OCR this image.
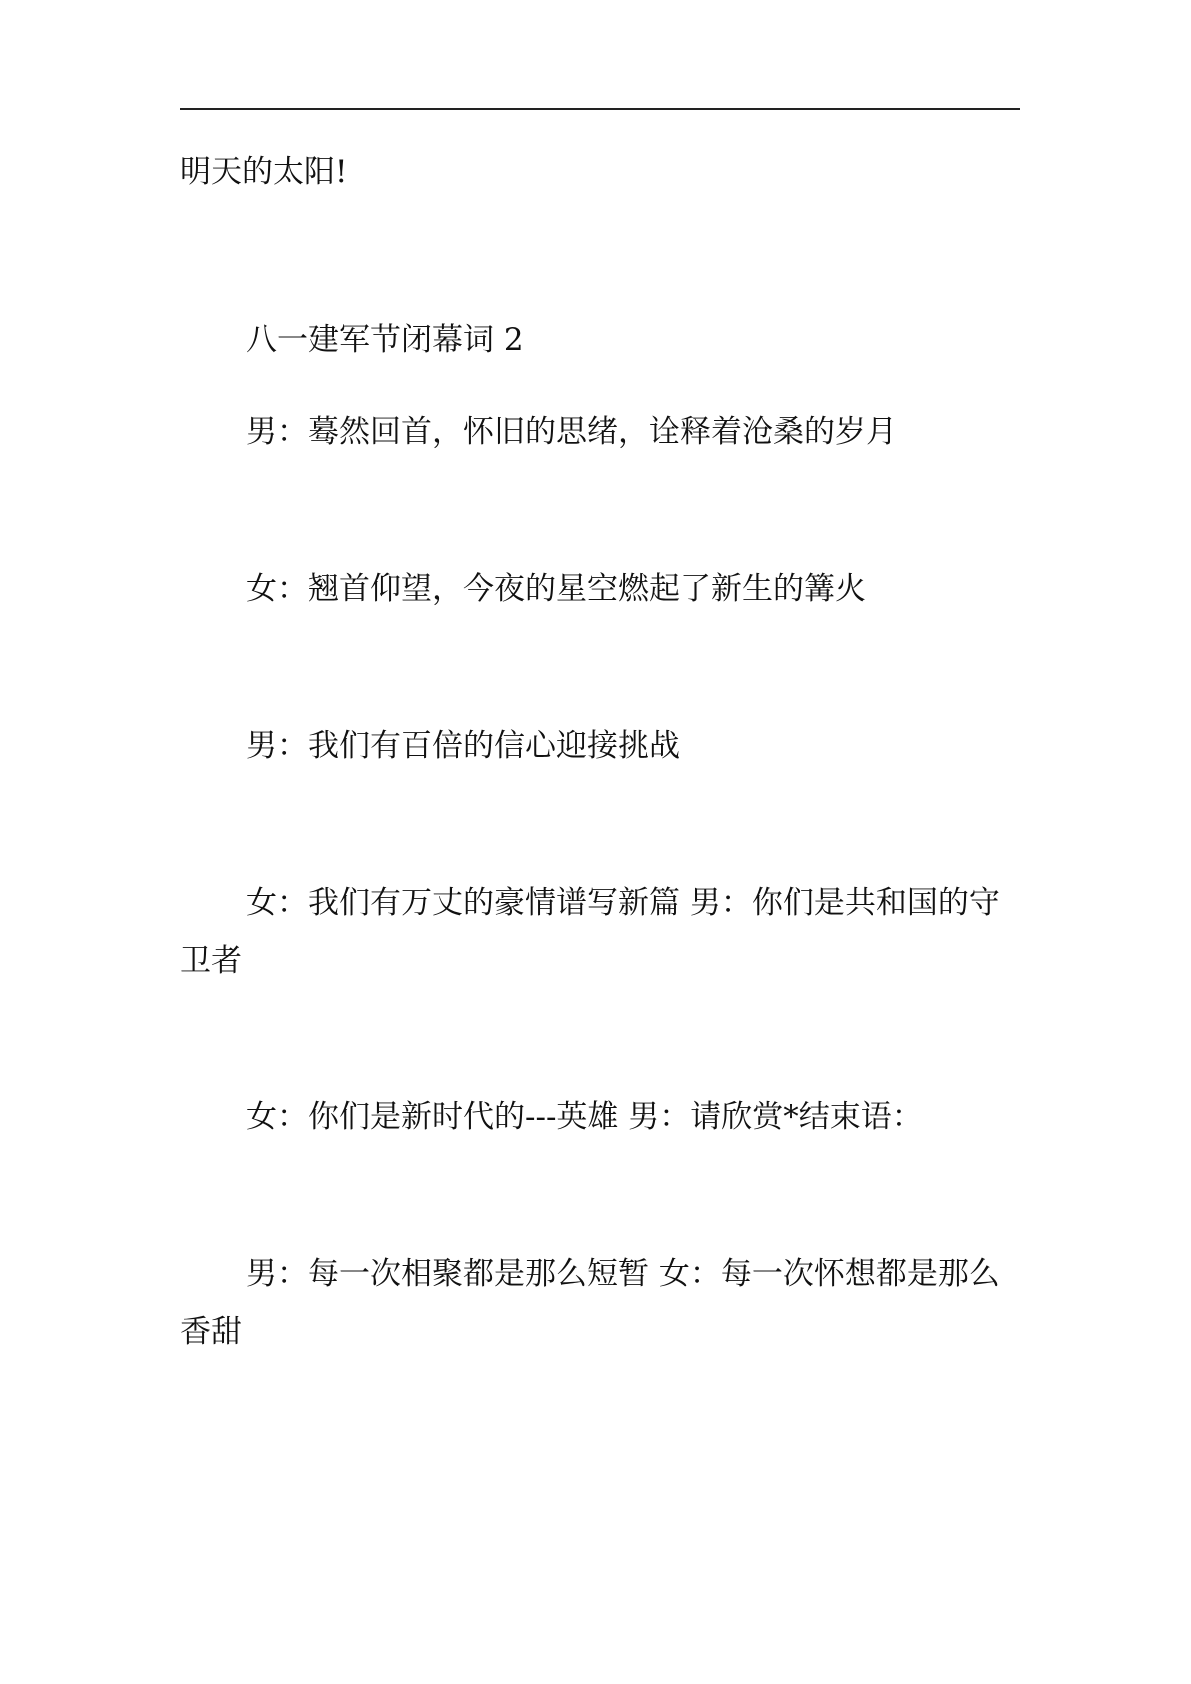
明天的太阳!

八一建军节闭幕词 2

男：蓦然回首，怀旧的思绪，诠释着沧桑的岁月

女：翘首仰望，今夜的星空燃起了新生的篝火

男：我们有百倍的信心迎接挑战

女：我们有万丈的豪情谱写新篇 男：你们是共和国的守卫者

女：你们是新时代的---英雄 男：请欣赏*结束语：

男：每一次相聚都是那么短暂 女：每一次怀想都是那么香甜
